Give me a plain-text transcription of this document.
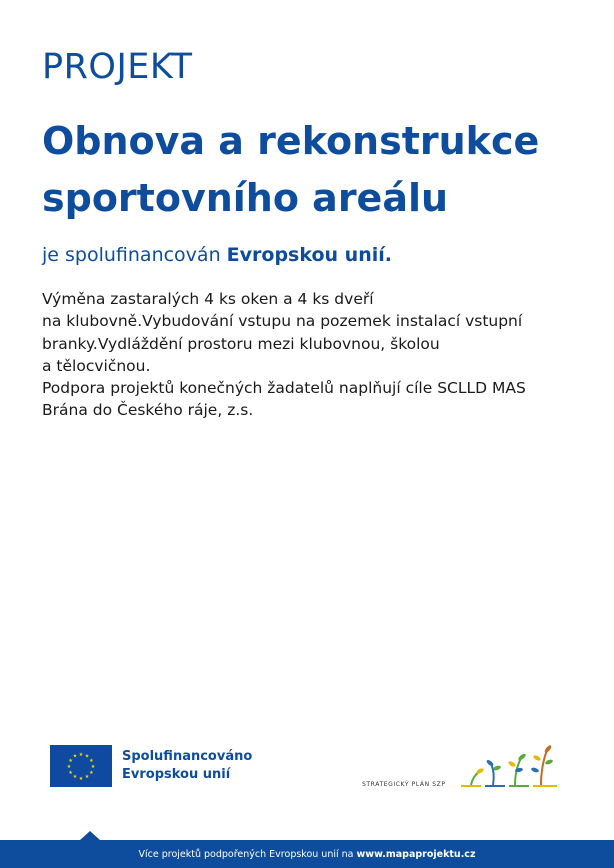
PROJEKT
Obnova a rekonstrukce
sportovního areálu
je spolufinancován Evropskou unií.
Výměna zastaralých 4 ks oken a 4 ks dveří
na klubovně.Vybudování vstupu na pozemek instalací vstupní
branky.Vydláždění prostoru mezi klubovnou, školou
a tělocvičnou.
Podpora projektů konečných žadatelů naplňují cíle SCLLD MAS
Brána do Českého ráje, z.s.
★ ★
★
★
★
★
★
★
★
★
★
★	Spolufinancováno
Evropskou unií
STRATEGICKÝ PLÁN SZP
Více projektů podpořených Evropskou unií na www.mapaprojektu.cz
